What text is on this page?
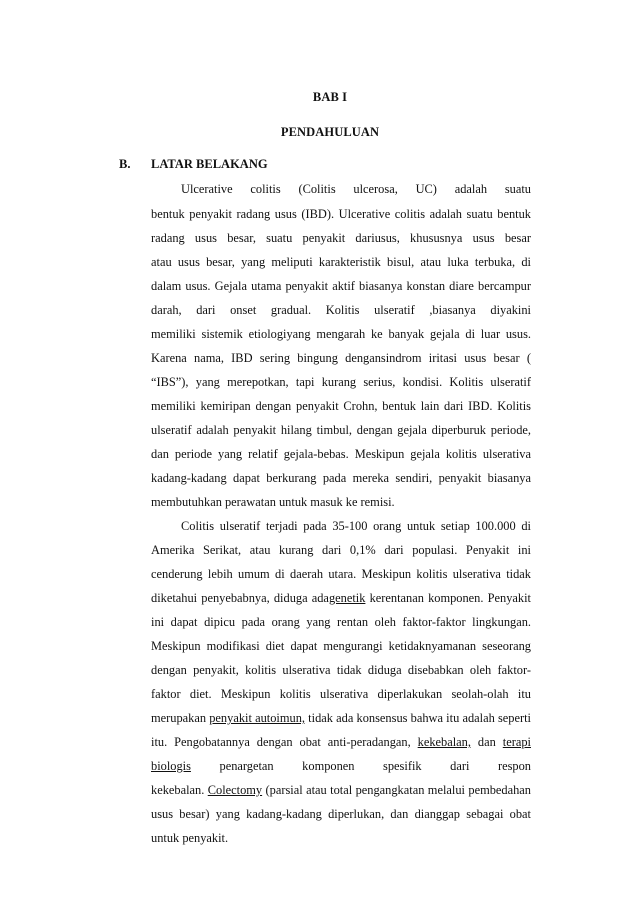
BAB I
PENDAHULUAN
B. LATAR BELAKANG
Ulcerative colitis (Colitis ulcerosa, UC) adalah suatu
bentuk penyakit radang usus (IBD). Ulcerative colitis adalah suatu bentuk
radang usus besar, suatu penyakit dariusus, khususnya usus besar
atau usus besar, yang meliputi karakteristik bisul, atau luka terbuka, di
dalam usus. Gejala utama penyakit aktif biasanya konstan diare bercampur
darah, dari onset gradual. Kolitis ulseratif ,biasanya diyakini
memiliki sistemik etiologiyang mengarah ke banyak gejala di luar usus.
Karena nama, IBD sering bingung dengansindrom iritasi usus besar (
“IBS”), yang merepotkan, tapi kurang serius, kondisi. Kolitis ulseratif
memiliki kemiripan dengan penyakit Crohn, bentuk lain dari IBD. Kolitis
ulseratif adalah penyakit hilang timbul, dengan gejala diperburuk periode,
dan periode yang relatif gejala-bebas. Meskipun gejala kolitis ulserativa
kadang-kadang dapat berkurang pada mereka sendiri, penyakit biasanya
membutuhkan perawatan untuk masuk ke remisi.
Colitis ulseratif terjadi pada 35-100 orang untuk setiap 100.000 di
Amerika Serikat, atau kurang dari 0,1% dari populasi. Penyakit ini
cenderung lebih umum di daerah utara. Meskipun kolitis ulserativa tidak
diketahui penyebabnya, diduga adagenetik kerentanan komponen. Penyakit
ini dapat dipicu pada orang yang rentan oleh faktor-faktor lingkungan.
Meskipun modifikasi diet dapat mengurangi ketidaknyamanan seseorang
dengan penyakit, kolitis ulserativa tidak diduga disebabkan oleh faktor-
faktor diet. Meskipun kolitis ulserativa diperlakukan seolah-olah itu
merupakan penyakit autoimun, tidak ada konsensus bahwa itu adalah seperti
itu. Pengobatannya dengan obat anti-peradangan, kekebalan, dan terapi
biologis penargetan komponen spesifik dari respon
kekebalan. Colectomy (parsial atau total pengangkatan melalui pembedahan
usus besar) yang kadang-kadang diperlukan, dan dianggap sebagai obat
untuk penyakit.
